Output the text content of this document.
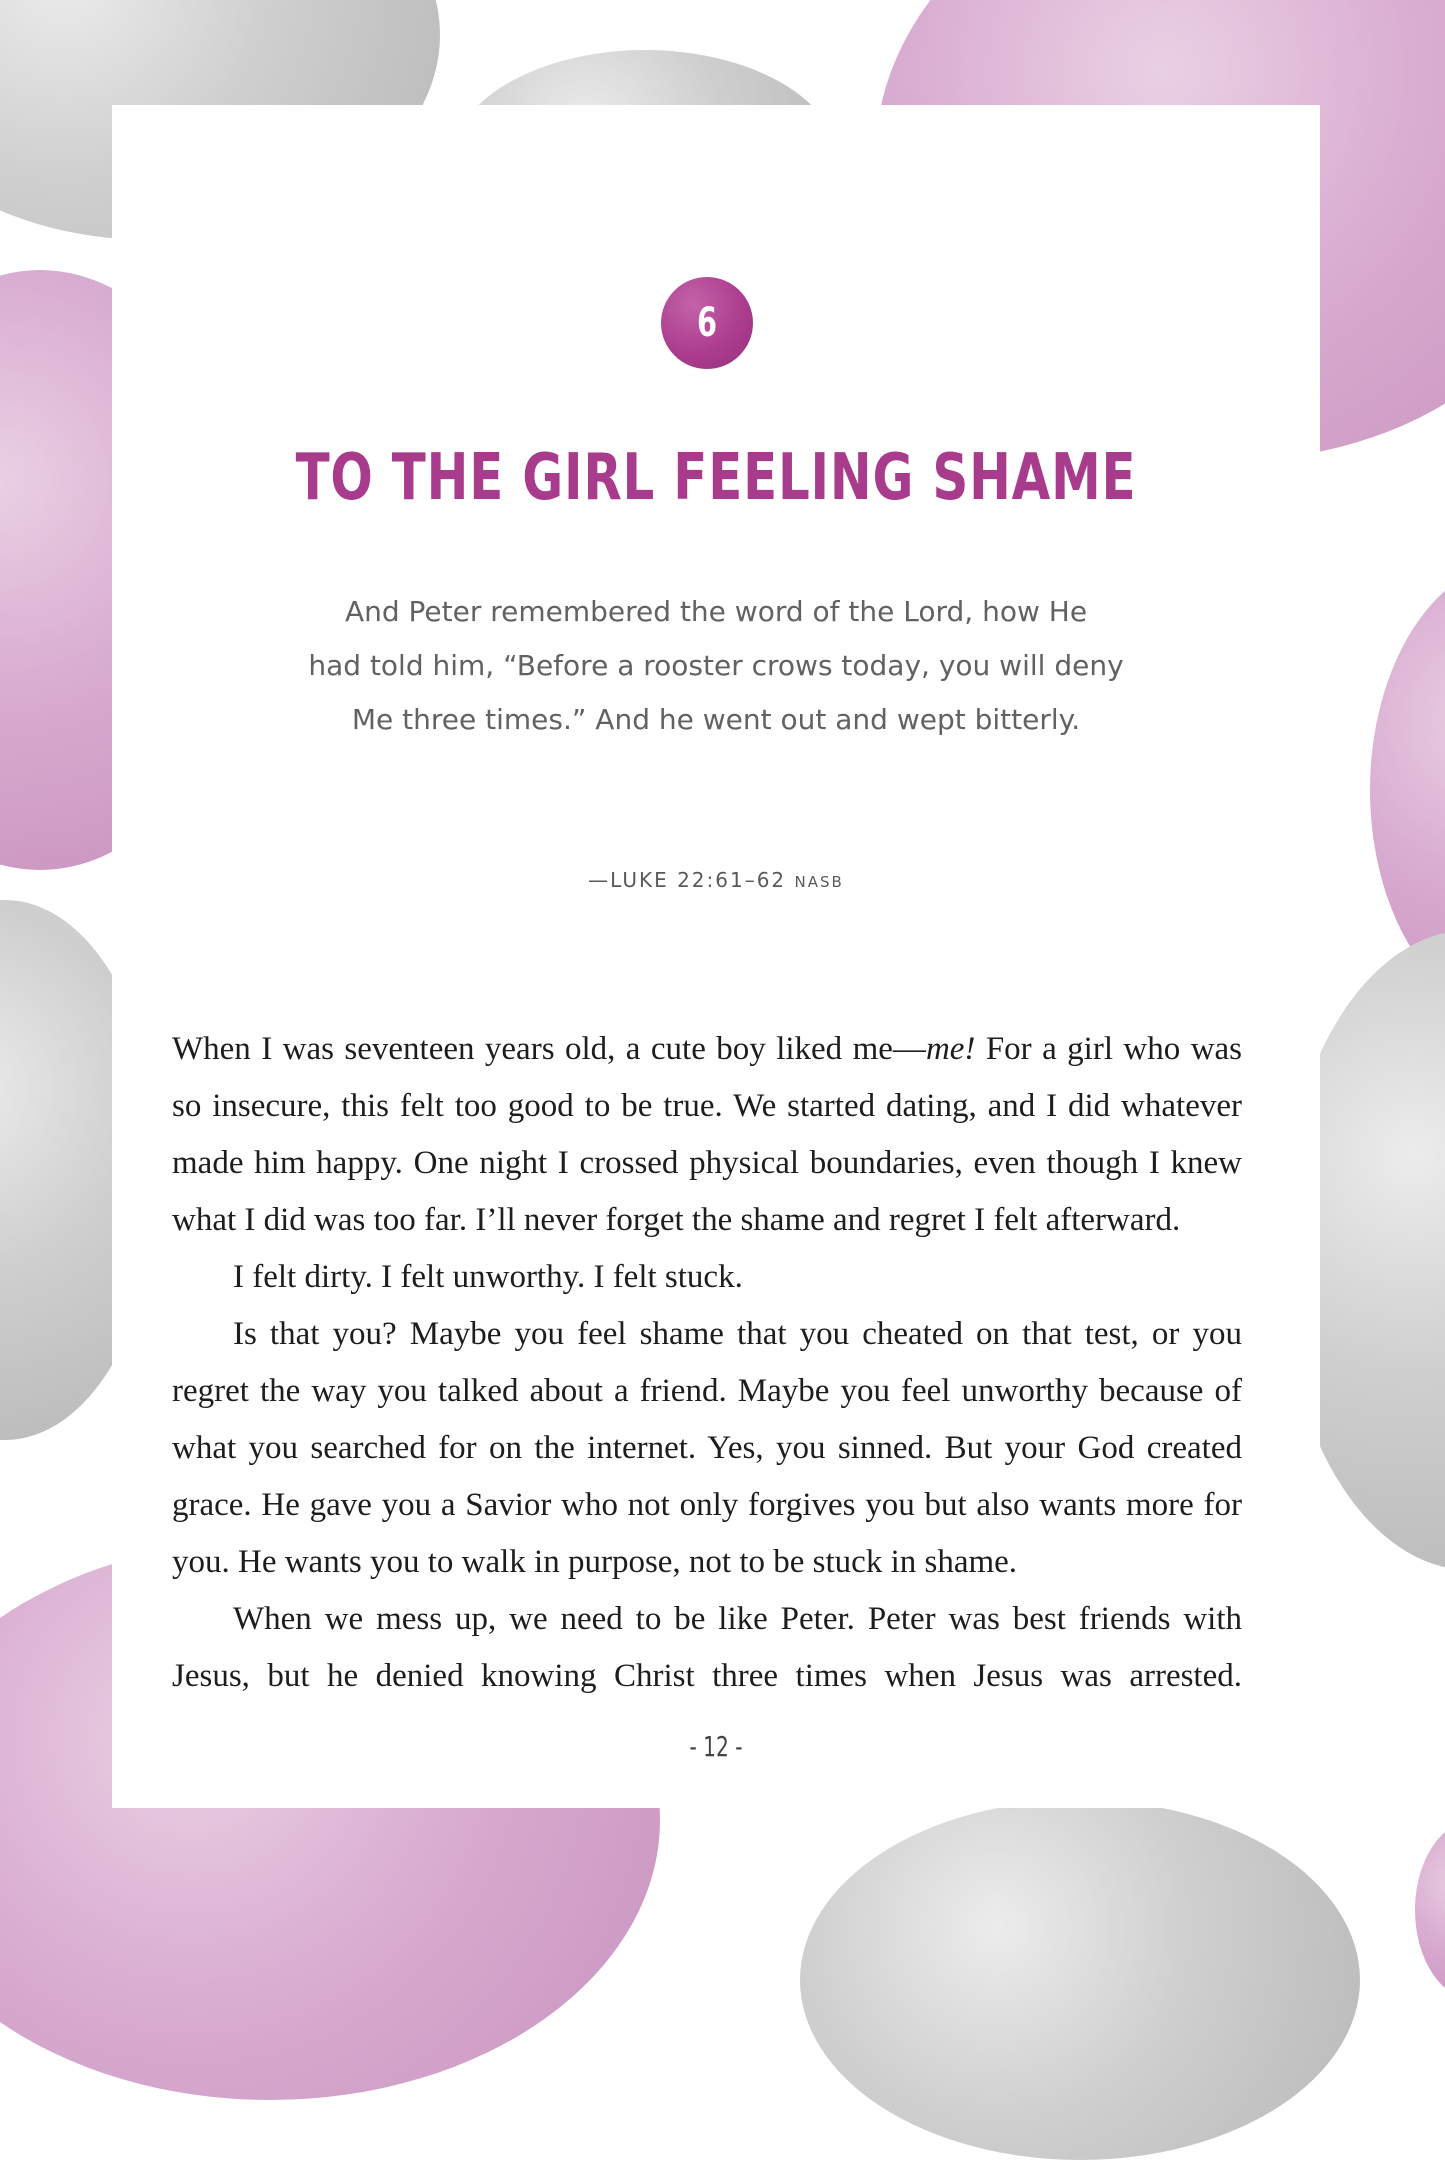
6
TO THE GIRL FEELING SHAME
And Peter remembered the word of the Lord, how He
had told him, “Before a rooster crows today, you will deny
Me three times.” And he went out and wept bitterly.
—LUKE 22:61–62 NASB

When I was seventeen years old, a cute boy liked me—me! For a girl who was so insecure, this felt too good to be true. We started dating, and I did whatever made him happy. One night I crossed physical boundaries, even though I knew what I did was too far. I’ll never forget the shame and regret I felt afterward.

I felt dirty. I felt unworthy. I felt stuck.

Is that you? Maybe you feel shame that you cheated on that test, or you regret the way you talked about a friend. Maybe you feel unworthy because of what you searched for on the internet. Yes, you sinned. But your God created grace. He gave you a Savior who not only forgives you but also wants more for you. He wants you to walk in purpose, not to be stuck in shame.

When we mess up, we need to be like Peter. Peter was best friends with Jesus, but he denied knowing Christ three times when Jesus was arrested.

- 12 -
